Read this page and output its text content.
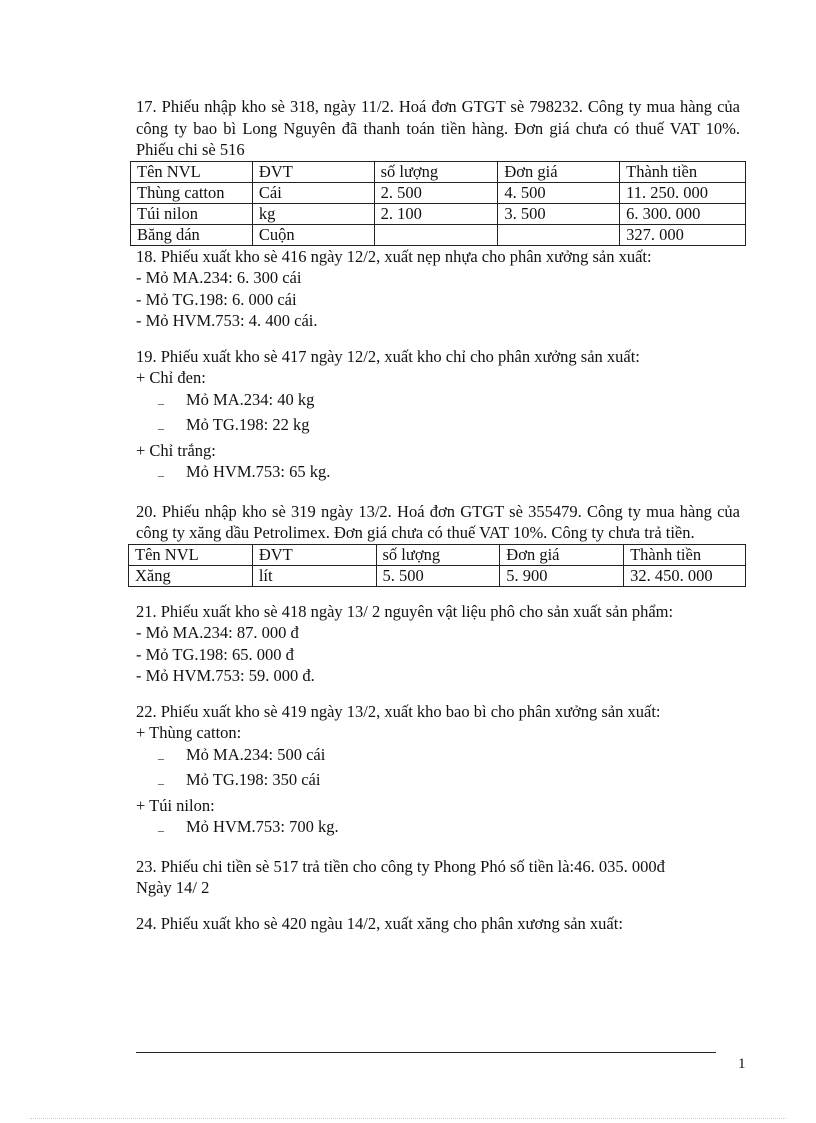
17. Phiếu nhập kho sè 318, ngày 11/2. Hoá đơn GTGT sè 798232. Công ty mua hàng của công ty bao bì Long Nguyên đã thanh toán tiền hàng. Đơn giá chưa có thuế VAT 10%. Phiếu chi sè 516

Tên NVL	ĐVT	số lượng	Đơn giá	Thành tiền
Thùng catton	Cái	2. 500	4. 500	11. 250. 000
Túi nilon	kg	2. 100	3. 500	6. 300. 000
Băng dán	Cuộn			327. 000

18. Phiếu xuất kho sè 416 ngày 12/2, xuất nẹp nhựa cho phân xưởng sản xuất:

- Mỏ MA.234: 6. 300 cái

- Mỏ TG.198: 6. 000 cái

- Mỏ HVM.753: 4. 400 cái.

19. Phiếu xuất kho sè 417 ngày 12/2, xuất kho chỉ cho phân xưởng sản xuất:

+ Chỉ đen:

– Mỏ MA.234: 40 kg

– Mỏ TG.198: 22 kg

+ Chỉ trắng:

– Mỏ HVM.753: 65 kg.

20. Phiếu nhập kho sè 319 ngày 13/2. Hoá đơn GTGT sè 355479. Công ty mua hàng của công ty xăng dầu Petrolimex. Đơn giá chưa có thuế VAT 10%. Công ty chưa trả tiền.

Tên NVL	ĐVT	số lượng	Đơn giá	Thành tiền
Xăng	lít	5. 500	5. 900	32. 450. 000

21. Phiếu xuất kho sè 418 ngày 13/ 2 nguyên vật liệu phô cho sản xuất sản phẩm:

- Mỏ MA.234: 87. 000 đ

- Mỏ TG.198: 65. 000 đ

- Mỏ HVM.753: 59. 000 đ.

22. Phiếu xuất kho sè 419 ngày 13/2, xuất kho bao bì cho phân xưởng sản xuất:

+ Thùng catton:

– Mỏ MA.234: 500 cái

– Mỏ TG.198: 350 cái

+ Túi nilon:

– Mỏ HVM.753: 700 kg.

23. Phiếu chi tiền sè 517 trả tiền cho công ty Phong Phó số tiền là:46. 035. 000đ

Ngày 14/ 2

24. Phiếu xuất kho sè 420 ngàu 14/2, xuất xăng cho phân xương sản xuất:

1
